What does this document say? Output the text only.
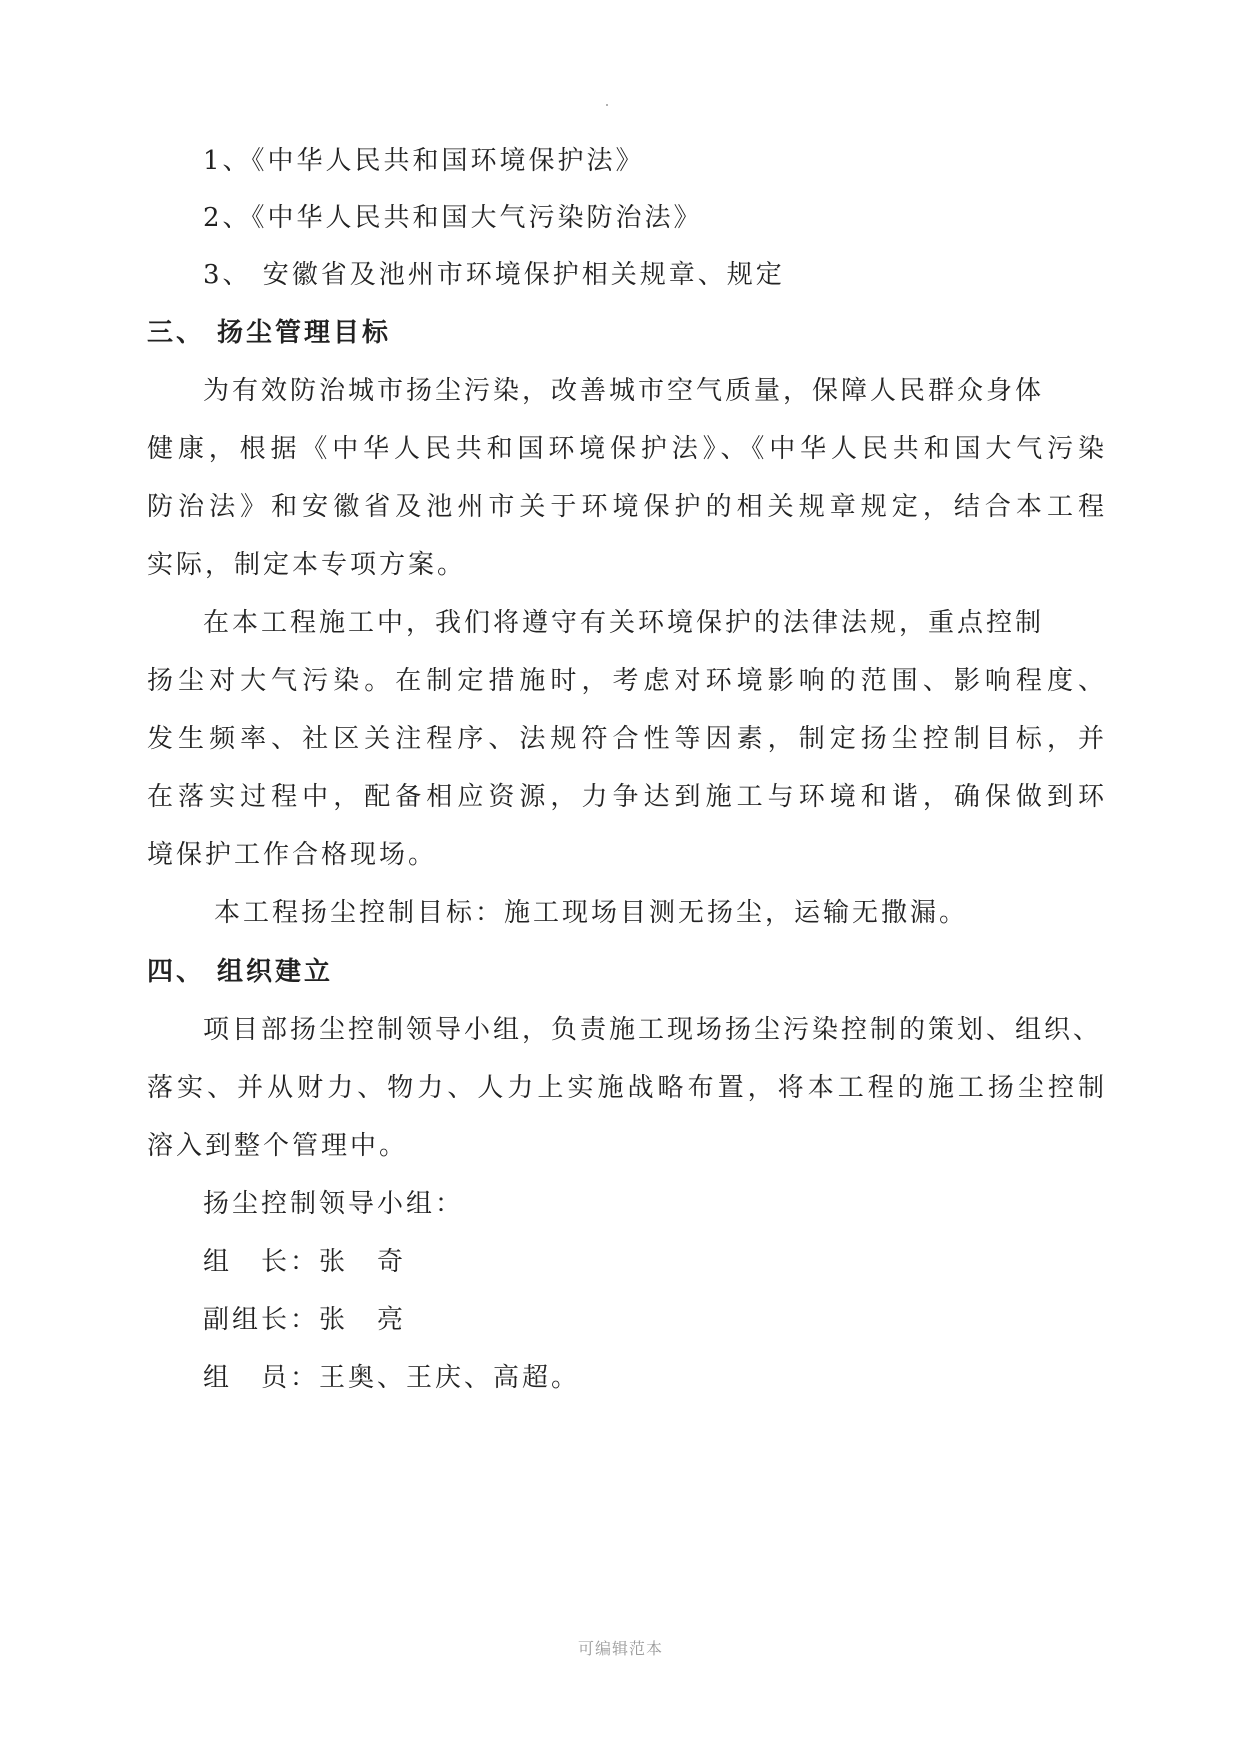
1、《中华人民共和国环境保护法》
2、《中华人民共和国大气污染防治法》
3、 安徽省及池州市环境保护相关规章、规定
三、 扬尘管理目标
为有效防治城市扬尘污染，改善城市空气质量，保障人民群众身体
健康，根据《中华人民共和国环境保护法》、《中华人民共和国大气污染
防治法》和安徽省及池州市关于环境保护的相关规章规定，结合本工程
实际，制定本专项方案。
在本工程施工中，我们将遵守有关环境保护的法律法规，重点控制
扬尘对大气污染。在制定措施时，考虑对环境影响的范围、影响程度、
发生频率、社区关注程序、法规符合性等因素，制定扬尘控制目标，并
在落实过程中，配备相应资源，力争达到施工与环境和谐，确保做到环
境保护工作合格现场。
本工程扬尘控制目标：施工现场目测无扬尘，运输无撒漏。
四、 组织建立
项目部扬尘控制领导小组，负责施工现场扬尘污染控制的策划、组织、
落实、并从财力、物力、人力上实施战略布置，将本工程的施工扬尘控制
溶入到整个管理中。
扬尘控制领导小组：
组　长：张　奇
副组长：张　亮
组　员：王奥、王庆、高超。
可编辑范本
